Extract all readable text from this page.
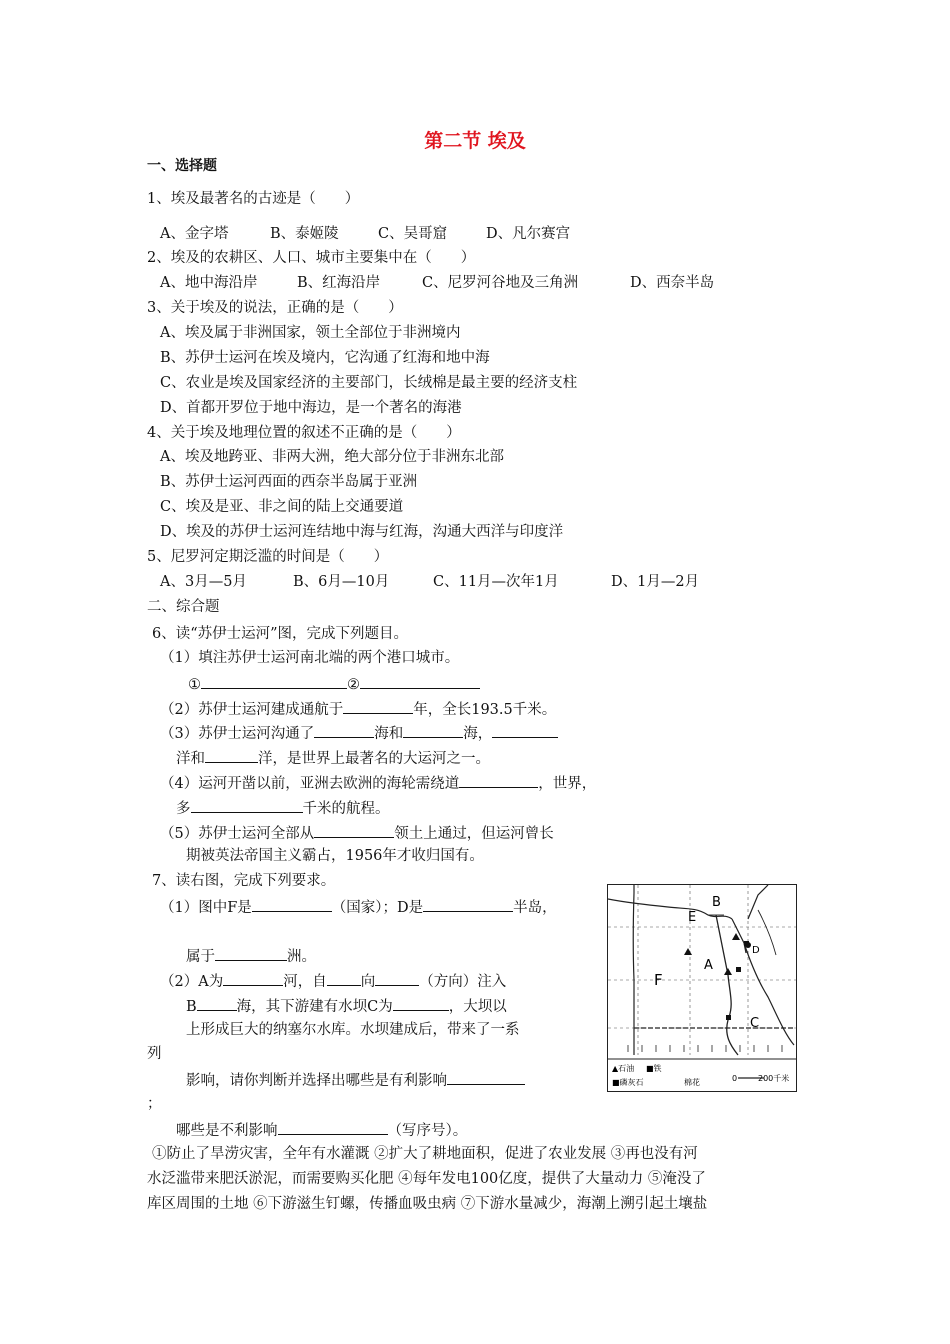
第二节 埃及
一、选择题
1、埃及最著名的古迹是（　　）
A、金字塔	B、泰姬陵	C、吴哥窟	D、凡尔赛宫
2、埃及的农耕区、人口、城市主要集中在（　　）
A、地中海沿岸	B、红海沿岸	C、尼罗河谷地及三角洲	D、西奈半岛
3、关于埃及的说法，正确的是（　　）
A、埃及属于非洲国家，领土全部位于非洲境内
B、苏伊士运河在埃及境内，它沟通了红海和地中海
C、农业是埃及国家经济的主要部门，长绒棉是最主要的经济支柱
D、首都开罗位于地中海边，是一个著名的海港
4、关于埃及地理位置的叙述不正确的是（　　）
A、埃及地跨亚、非两大洲，绝大部分位于非洲东北部
B、苏伊士运河西面的西奈半岛属于亚洲
C、埃及是亚、非之间的陆上交通要道
D、埃及的苏伊士运河连结地中海与红海，沟通大西洋与印度洋
5、尼罗河定期泛滥的时间是（　　）
A、3月—5月	B、6月—10月	C、11月—次年1月	D、1月—2月
二、综合题
6、读“苏伊士运河”图，完成下列题目。
（1）填注苏伊士运河南北端的两个港口城市。
①	②
（2）苏伊士运河建成通航于	年，全长193.5千米。
（3）苏伊士运河沟通了	海和	海，
洋和	洋，是世界上最著名的大运河之一。
（4）运河开凿以前，亚洲去欧洲的海轮需绕道	，世界，
多	千米的航程。
（5）苏伊士运河全部从	领土上通过，但运河曾长
期被英法帝国主义霸占，1956年才收归国有。
7、读右图，完成下列要求。
（1）图中F是	（国家）；D是	半岛，
属于	洲。
（2）A为	河，自 向	（方向）注入
B	海，其下游建有水坝C为	，大坝以
上形成巨大的纳塞尔水库。水坝建成后，带来了一系
列
影响，请你判断并选择出哪些是有利影响
；
哪些是不利影响	（写序号）。
①防止了旱涝灾害，全年有水灌溉 ②扩大了耕地面积，促进了农业发展 ③再也没有河
水泛滥带来肥沃淤泥，而需要购买化肥 ④每年发电100亿度，提供了大量动力 ⑤淹没了
库区周围的土地 ⑥下游滋生钉螺，传播血吸虫病 ⑦下游水量减少，海潮上溯引起土壤盐
E
B
D
A
F
C
▲石油 ■铁
■磷灰石	棉花	0	200千米
